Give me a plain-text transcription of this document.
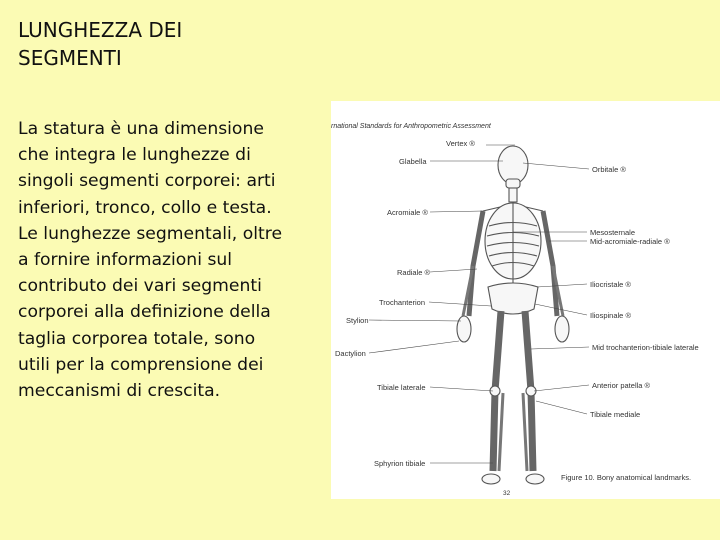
LUNGHEZZA DEI
SEGMENTI
La statura è una dimensione
che integra le lunghezze di
singoli segmenti corporei: arti
inferiori, tronco, collo e testa.
Le lunghezze segmentali, oltre
a fornire informazioni sul
contributo dei vari segmenti
corporei alla definizione della
taglia corporea totale, sono
utili per la comprensione dei
meccanismi di crescita.
rnational Standards for Anthropometric Assessment
Vertex ®
Glabella
Orbitale ®
Acromiale ®
Mesosternale
Mid-acromiale-radiale ®
Radiale ®
Iliocristale ®
Trochanterion
Iliospinale ®
Stylion
Mid trochanterion-tibiale laterale
Dactylion
Anterior patella ®
Tibiale laterale
Tibiale mediale
Sphyrion tibiale
Figure 10. Bony anatomical landmarks.
32
